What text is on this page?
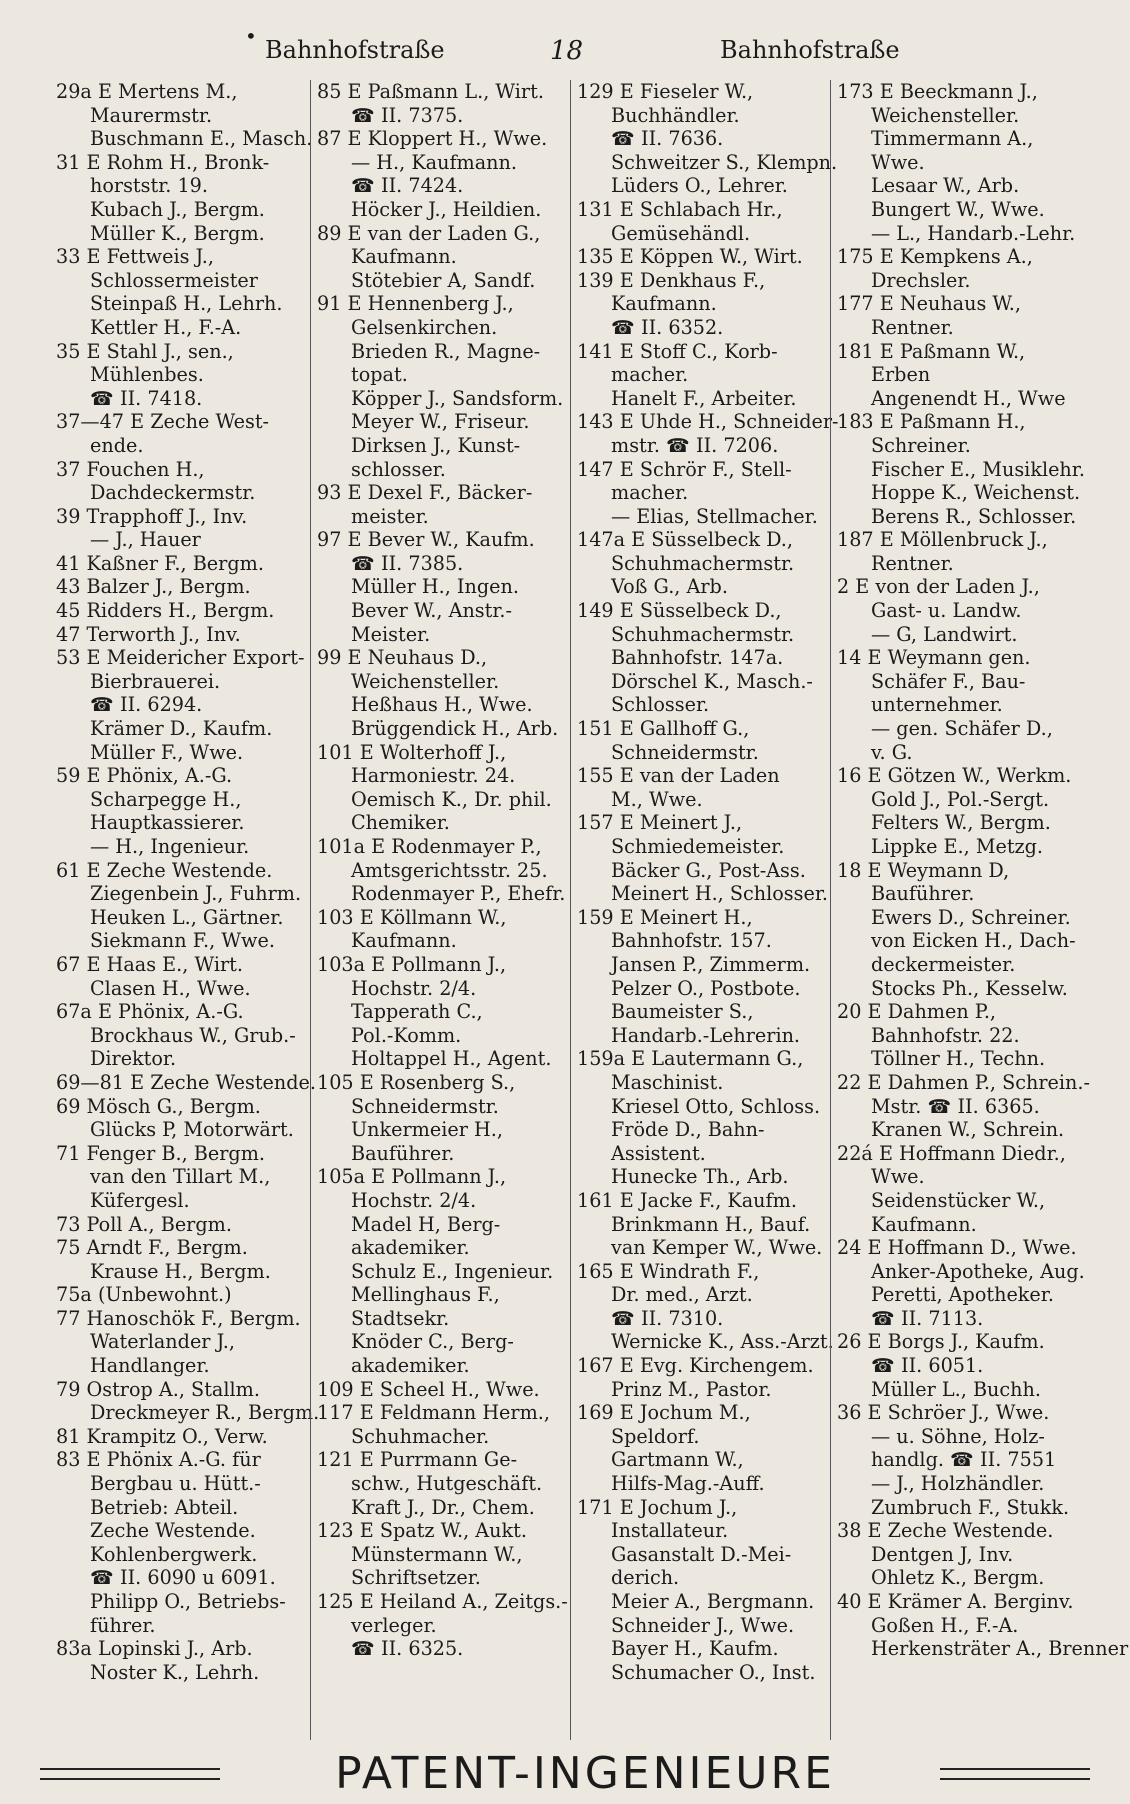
• Bahnhofstraße	18	Bahnhofstraße
29a E Mertens M.,
Maurermstr.
Buschmann E., Masch.
31 E Rohm H., Bronk-
horststr. 19.
Kubach J., Bergm.
Müller K., Bergm.
33 E Fettweis J.,
Schlossermeister
Steinpaß H., Lehrh.
Kettler H., F.-A.
35 E Stahl J., sen.,
Mühlenbes.
☎ II. 7418.
37—47 E Zeche West-
ende.
37 Fouchen H.,
Dachdeckermstr.
39 Trapphoff J., Inv.
— J., Hauer
41 Kaßner F., Bergm.
43 Balzer J., Bergm.
45 Ridders H., Bergm.
47 Terworth J., Inv.
53 E Meidericher Export-
Bierbrauerei.
☎ II. 6294.
Krämer D., Kaufm.
Müller F., Wwe.
59 E Phönix, A.-G.
Scharpegge H.,
Hauptkassierer.
— H., Ingenieur.
61 E Zeche Westende.
Ziegenbein J., Fuhrm.
Heuken L., Gärtner.
Siekmann F., Wwe.
67 E Haas E., Wirt.
Clasen H., Wwe.
67a E Phönix, A.-G.
Brockhaus W., Grub.-
Direktor.
69—81 E Zeche Westende.
69 Mösch G., Bergm.
Glücks P, Motorwärt.
71 Fenger B., Bergm.
van den Tillart M.,
Küfergesl.
73 Poll A., Bergm.
75 Arndt F., Bergm.
Krause H., Bergm.
75a (Unbewohnt.)
77 Hanoschök F., Bergm.
Waterlander J.,
Handlanger.
79 Ostrop A., Stallm.
Dreckmeyer R., Bergm.
81 Krampitz O., Verw.
83 E Phönix A.-G. für
Bergbau u. Hütt.-
Betrieb: Abteil.
Zeche Westende.
Kohlenbergwerk.
☎ II. 6090 u 6091.
Philipp O., Betriebs-
führer.
83a Lopinski J., Arb.
Noster K., Lehrh.
85 E Paßmann L., Wirt.
☎ II. 7375.
87 E Kloppert H., Wwe.
— H., Kaufmann.
☎ II. 7424.
Höcker J., Heildien.
89 E van der Laden G.,
Kaufmann.
Stötebier A, Sandf.
91 E Hennenberg J.,
Gelsenkirchen.
Brieden R., Magne-
topat.
Köpper J., Sandsform.
Meyer W., Friseur.
Dirksen J., Kunst-
schlosser.
93 E Dexel F., Bäcker-
meister.
97 E Bever W., Kaufm.
☎ II. 7385.
Müller H., Ingen.
Bever W., Anstr.-
Meister.
99 E Neuhaus D.,
Weichensteller.
Heßhaus H., Wwe.
Brüggendick H., Arb.
101 E Wolterhoff J.,
Harmoniestr. 24.
Oemisch K., Dr. phil.
Chemiker.
101a E Rodenmayer P.,
Amtsgerichtsstr. 25.
Rodenmayer P., Ehefr.
103 E Köllmann W.,
Kaufmann.
103a E Pollmann J.,
Hochstr. 2/4.
Tapperath C.,
Pol.-Komm.
Holtappel H., Agent.
105 E Rosenberg S.,
Schneidermstr.
Unkermeier H.,
Bauführer.
105a E Pollmann J.,
Hochstr. 2/4.
Madel H, Berg-
akademiker.
Schulz E., Ingenieur.
Mellinghaus F.,
Stadtsekr.
Knöder C., Berg-
akademiker.
109 E Scheel H., Wwe.
117 E Feldmann Herm.,
Schuhmacher.
121 E Purrmann Ge-
schw., Hutgeschäft.
Kraft J., Dr., Chem.
123 E Spatz W., Aukt.
Münstermann W.,
Schriftsetzer.
125 E Heiland A., Zeitgs.-
verleger.
☎ II. 6325.
129 E Fieseler W.,
Buchhändler.
☎ II. 7636.
Schweitzer S., Klempn.
Lüders O., Lehrer.
131 E Schlabach Hr.,
Gemüsehändl.
135 E Köppen W., Wirt.
139 E Denkhaus F.,
Kaufmann.
☎ II. 6352.
141 E Stoff C., Korb-
macher.
Hanelt F., Arbeiter.
143 E Uhde H., Schneider-
mstr. ☎ II. 7206.
147 E Schrör F., Stell-
macher.
— Elias, Stellmacher.
147a E Süsselbeck D.,
Schuhmachermstr.
Voß G., Arb.
149 E Süsselbeck D.,
Schuhmachermstr.
Bahnhofstr. 147a.
Dörschel K., Masch.-
Schlosser.
151 E Gallhoff G.,
Schneidermstr.
155 E van der Laden
M., Wwe.
157 E Meinert J.,
Schmiedemeister.
Bäcker G., Post-Ass.
Meinert H., Schlosser.
159 E Meinert H.,
Bahnhofstr. 157.
Jansen P., Zimmerm.
Pelzer O., Postbote.
Baumeister S.,
Handarb.-Lehrerin.
159a E Lautermann G.,
Maschinist.
Kriesel Otto, Schloss.
Fröde D., Bahn-
Assistent.
Hunecke Th., Arb.
161 E Jacke F., Kaufm.
Brinkmann H., Bauf.
van Kemper W., Wwe.
165 E Windrath F.,
Dr. med., Arzt.
☎ II. 7310.
Wernicke K., Ass.-Arzt.
167 E Evg. Kirchengem.
Prinz M., Pastor.
169 E Jochum M.,
Speldorf.
Gartmann W.,
Hilfs-Mag.-Auff.
171 E Jochum J.,
Installateur.
Gasanstalt D.-Mei-
derich.
Meier A., Bergmann.
Schneider J., Wwe.
Bayer H., Kaufm.
Schumacher O., Inst.
173 E Beeckmann J.,
Weichensteller.
Timmermann A.,
Wwe.
Lesaar W., Arb.
Bungert W., Wwe.
— L., Handarb.-Lehr.
175 E Kempkens A.,
Drechsler.
177 E Neuhaus W.,
Rentner.
181 E Paßmann W.,
Erben
Angenendt H., Wwe
183 E Paßmann H.,
Schreiner.
Fischer E., Musiklehr.
Hoppe K., Weichenst.
Berens R., Schlosser.
187 E Möllenbruck J.,
Rentner.
2 E von der Laden J.,
Gast- u. Landw.
— G, Landwirt.
14 E Weymann gen.
Schäfer F., Bau-
unternehmer.
— gen. Schäfer D.,
v. G.
16 E Götzen W., Werkm.
Gold J., Pol.-Sergt.
Felters W., Bergm.
Lippke E., Metzg.
18 E Weymann D,
Bauführer.
Ewers D., Schreiner.
von Eicken H., Dach-
deckermeister.
Stocks Ph., Kesselw.
20 E Dahmen P.,
Bahnhofstr. 22.
Töllner H., Techn.
22 E Dahmen P., Schrein.-
Mstr. ☎ II. 6365.
Kranen W., Schrein.
22á E Hoffmann Diedr.,
Wwe.
Seidenstücker W.,
Kaufmann.
24 E Hoffmann D., Wwe.
Anker-Apotheke, Aug.
Peretti, Apotheker.
☎ II. 7113.
26 E Borgs J., Kaufm.
☎ II. 6051.
Müller L., Buchh.
36 E Schröer J., Wwe.
— u. Söhne, Holz-
handlg. ☎ II. 7551
— J., Holzhändler.
Zumbruch F., Stukk.
38 E Zeche Westende.
Dentgen J, Inv.
Ohletz K., Bergm.
40 E Krämer A. Berginv.
Goßen H., F.-A.
Herkensträter A., Brenner
PATENT-INGENIEURE
